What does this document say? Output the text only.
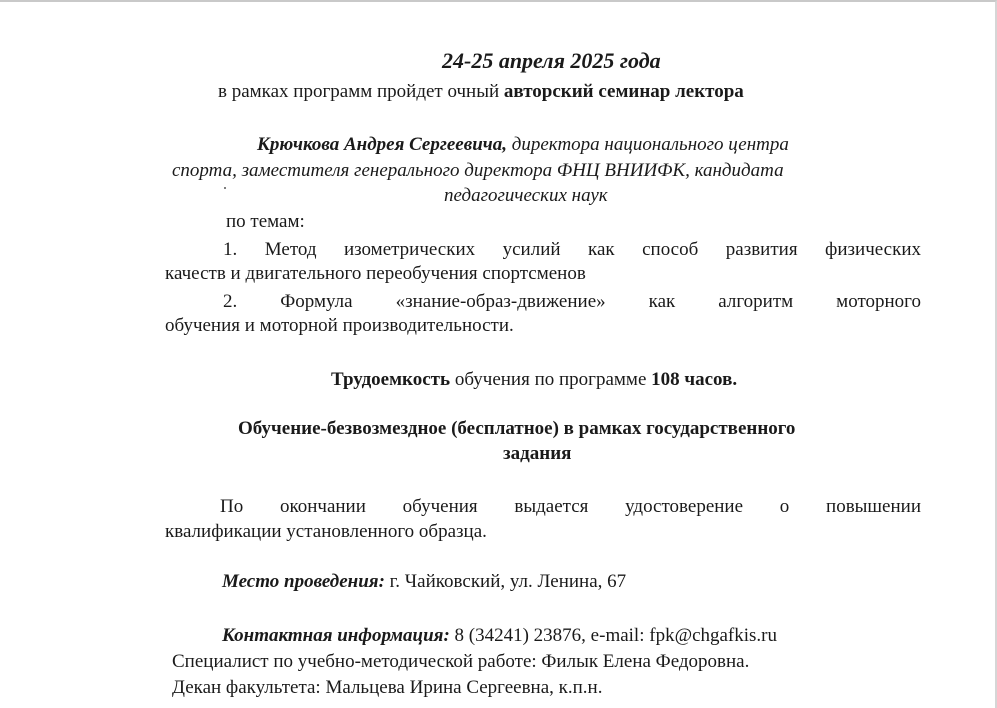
24-25 апреля 2025 года
в рамках программ пройдет очный авторский семинар лектора
Крючкова Андрея Сергеевича, директора национального центра
спорта, заместителя генерального директора ФНЦ ВНИИФК, кандидата
педагогических наук
по темам:
1. Метод изометрических усилий как способ развития физических
качеств и двигательного переобучения спортсменов
2. Формула «знание-образ-движение» как алгоритм моторного
обучения и моторной производительности.
Трудоемкость обучения по программе 108 часов.
Обучение-безвозмездное (бесплатное) в рамках государственного
задания
По окончании обучения выдается удостоверение о повышении
квалификации установленного образца.
Место проведения: г. Чайковский, ул. Ленина, 67
Контактная информация: 8 (34241) 23876, e-mail: fpk@chgafkis.ru
Специалист по учебно-методической работе: Филык Елена Федоровна.
Декан факультета: Мальцева Ирина Сергеевна, к.п.н.
